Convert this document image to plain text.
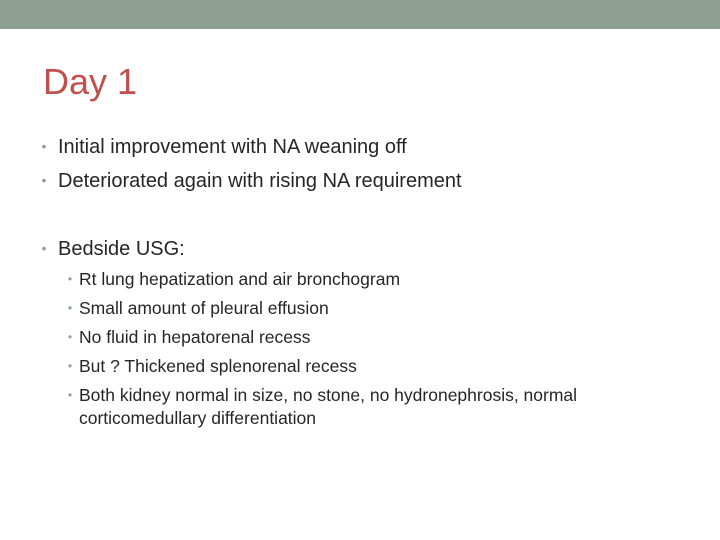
Day 1
• Initial improvement with NA weaning off
• Deteriorated again with rising NA requirement
• Bedside USG:
• Rt lung hepatization and air bronchogram
• Small amount of pleural effusion
• No fluid in hepatorenal recess
• But ? Thickened splenorenal recess
• Both kidney normal in size, no stone, no hydronephrosis, normal corticomedullary differentiation
